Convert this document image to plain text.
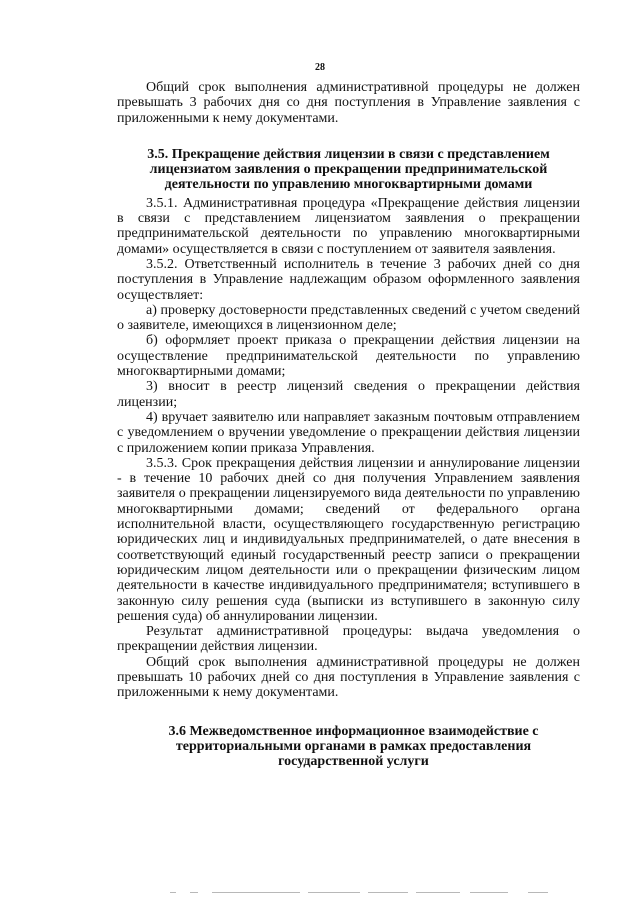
28

Общий срок выполнения административной процедуры не должен превышать 3 рабочих дня со дня поступления в Управление заявления с приложенными к нему документами.

3.5. Прекращение действия лицензии в связи с представлением лицензиатом заявления о прекращении предпринимательской деятельности по управлению многоквартирными домами

3.5.1. Административная процедура «Прекращение действия лицензии в связи с представлением лицензиатом заявления о прекращении предпринимательской деятельности по управлению многоквартирными домами» осуществляется в связи с поступлением от заявителя заявления.

3.5.2. Ответственный исполнитель в течение 3 рабочих дней со дня поступления в Управление надлежащим образом оформленного заявления осуществляет:

а) проверку достоверности представленных сведений с учетом сведений о заявителе, имеющихся в лицензионном деле;

б) оформляет проект приказа о прекращении действия лицензии на осуществление предпринимательской деятельности по управлению многоквартирными домами;

3) вносит в реестр лицензий сведения о прекращении действия лицензии;

4) вручает заявителю или направляет заказным почтовым отправлением с уведомлением о вручении уведомление о прекращении действия лицензии с приложением копии приказа Управления.

3.5.3. Срок прекращения действия лицензии и аннулирование лицензии - в течение 10 рабочих дней со дня получения Управлением заявления заявителя о прекращении лицензируемого вида деятельности по управлению многоквартирными домами; сведений от федерального органа исполнительной власти, осуществляющего государственную регистрацию юридических лиц и индивидуальных предпринимателей, о дате внесения в соответствующий единый государственный реестр записи о прекращении юридическим лицом деятельности или о прекращении физическим лицом деятельности в качестве индивидуального предпринимателя; вступившего в законную силу решения суда (выписки из вступившего в законную силу решения суда) об аннулировании лицензии.

Результат административной процедуры: выдача уведомления о прекращении действия лицензии.

Общий срок выполнения административной процедуры не должен превышать 10 рабочих дней со дня поступления в Управление заявления с приложенными к нему документами.

3.6 Межведомственное информационное взаимодействие с территориальными органами в рамках предоставления государственной услуги
